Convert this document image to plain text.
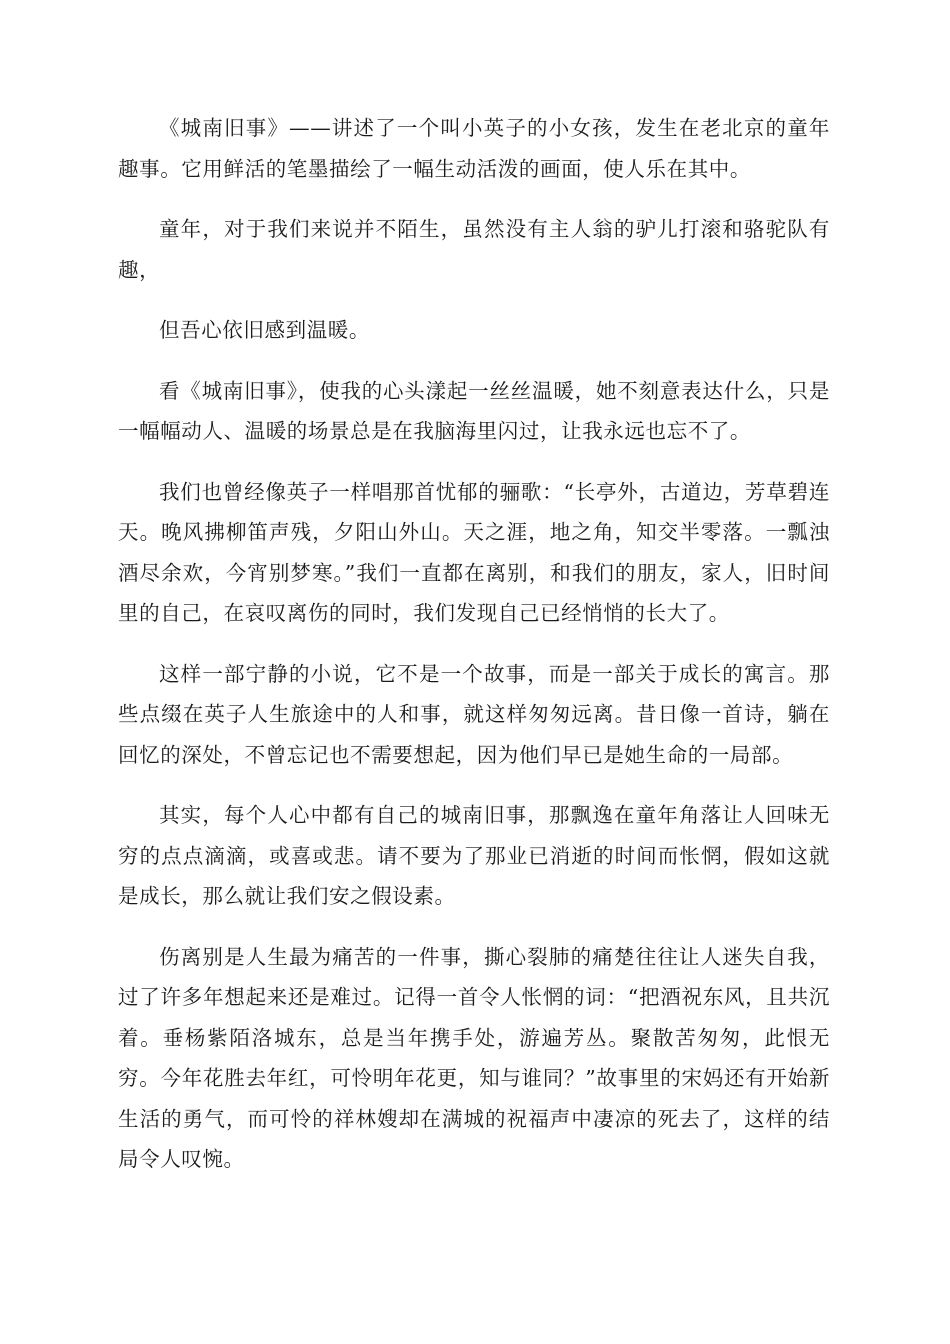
《城南旧事》——讲述了一个叫小英子的小女孩，发生在老北京的童年趣事。它用鲜活的笔墨描绘了一幅生动活泼的画面，使人乐在其中。

童年，对于我们来说并不陌生，虽然没有主人翁的驴儿打滚和骆驼队有趣，

但吾心依旧感到温暖。

看《城南旧事》，使我的心头漾起一丝丝温暖，她不刻意表达什么，只是一幅幅动人、温暖的场景总是在我脑海里闪过，让我永远也忘不了。

我们也曾经像英子一样唱那首忧郁的骊歌：“长亭外，古道边，芳草碧连天。晚风拂柳笛声残，夕阳山外山。天之涯，地之角，知交半零落。一瓢浊酒尽余欢，今宵别梦寒。”我们一直都在离别，和我们的朋友，家人，旧时间里的自己，在哀叹离伤的同时，我们发现自己已经悄悄的长大了。

这样一部宁静的小说，它不是一个故事，而是一部关于成长的寓言。那些点缀在英子人生旅途中的人和事，就这样匆匆远离。昔日像一首诗，躺在回忆的深处，不曾忘记也不需要想起，因为他们早已是她生命的一局部。

其实，每个人心中都有自己的城南旧事，那飘逸在童年角落让人回味无穷的点点滴滴，或喜或悲。请不要为了那业已消逝的时间而怅惘，假如这就是成长，那么就让我们安之假设素。

伤离别是人生最为痛苦的一件事，撕心裂肺的痛楚往往让人迷失自我，过了许多年想起来还是难过。记得一首令人怅惘的词：“把酒祝东风，且共沉着。垂杨紫陌洛城东，总是当年携手处，游遍芳丛。聚散苦匆匆，此恨无穷。今年花胜去年红，可怜明年花更，知与谁同？”故事里的宋妈还有开始新生活的勇气，而可怜的祥林嫂却在满城的祝福声中凄凉的死去了，这样的结局令人叹惋。
